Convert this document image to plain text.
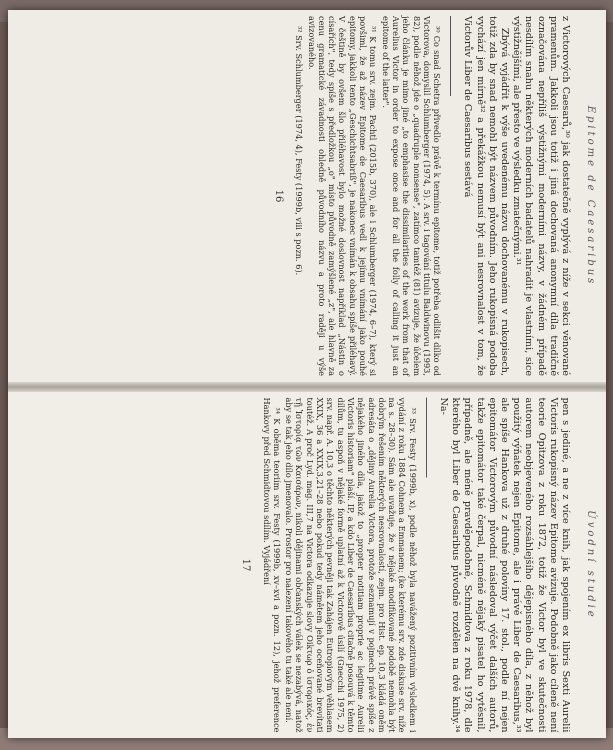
Epitome de Caesaribus

z Victorových Caesarů,³⁰ jak dostatečně vyplývá z níže v sekci věnované pramenům. Jakkoli jsou totiž i jiná dochovaná anonymní díla tradičně označována nepříliš výstižnými moderními názvy, v žádném případě nesdílím snahu některých moderních badatelů nahradit je vlastními, sice výstižnějšími, ale přesto ve výsledku zmatečnými.³¹

Zbývá vyjádřit k výše uvedenému názvu dochovanému v rukopisech, totiž zda by snad nemohl být názvem původním. Jeho rukopisná podoba vychází jen mírně³² a překážkou nemusí být ani nesrovnalost v tom, že Victorův Liber de Caesaribus sestává

³⁰ Co snad Schetra přivedlo právě k termínu epitome, totiž potřeba odlišit dílko od Victorova, domyslil Schlumberger (1974, 5). A srv. i tagování titulu Baldwinovu (1993, 82), podle něhož jde o „quadruple nonsense", zatímco tamtéž (81) avizuje, že účelem jeho článku je mimo jiné „to emphasise the dissimilarities of the work from that of Aurelius Victor in order to expose once and for all the folly of calling it just an epitome of the latter".

³¹ K tomu srv. zejm. Pachtl (2015b, 370), ale i Schlumberger (1974, 6–7), který si povšiml, že až název Epitome de Caesaribus vedl k jejímu vnímání jako pouhé epitomy, jakkoli tento „Geschichtsabriß", je nakonec vnímán k obsahu spíše přiléhavý. V češtině by ovšem šlo přiléhavost bylo možné doslovnost například „Nástin o císařích", tedy spíše s předložkou „o" místo původně zamýšlené „z", ale hlavně za cenu gramatické závadnosti ohledně původního názvu a proto raději u výše avizovaného.

³² Srv. Schlumberger (1974, 4), Festy (1999b, viii s pozn. 6).

16
Úvodní studie

pen s jediné, a ne z více knih, jak spojením ex libris Sexti Aurelii Victoris rukopisný název Epitome avizuje. Podobně jako cíleně není teorie Opitzova z roku 1872, totiž že Victor byl ve skutečnosti autorem neobjeveného rozsáhlejšího dějepisného díla, z něhož byl použitý výňatek nejen Epitome, ale i právě Liber de Caesaribus,³³ ale spíše Hankova už z druhé poloviny 17. stol., podle ní nejen epitomátor Victorovým původní následoval výčet dalších autorů, takže epitomátor také čerpal, nicméně nějaký pisatel ho vytěsnil, případně, ale méně pravděpodobně, Schmidtova z roku 1978, dle kterého byl Liber de Caesaribus původně rozdělen na dvě knihy.³⁴ Na-

³³ Srv. Festy (1999b, x), podle něhož byla navážený pozitivním výsledkem i vydání z roku 1884 Cohnem a Emmanem; (ke kterému srv. zde diskuse srv. níže na s. 28–30). Sám ale uvažuje, že v nějaké modifikované podobě nemohla být dobrým řešením některých nesrovnalostí, zejm. pro Hist. ep. 10,3 kládá oněm adresáta o „dějiny Aurelia Victora, protože seznamují v pojmech právě spíše z nějakého jiného díla, jakož to „propter notitiam proprie ac legitime Aurelii Victoris historiam" plaší. IP, a kdo Liber de Caesaribus citačně posouvá k těmto dílům, tu aspoň v nějaké formě uplatní až k Victorově úsilí (Gnecchi 1975, 2) srv. např. A. 10,3 o těchto některých pevněji tak Zahájen Eutropiovým věhlasem XXIX, 36 a XXIX,3,21–28 nebo pokud tedy námětem jeho oceňované brevítati toutéž. A proč Lyd. mag. III,7 na Victora odkazuje slovy Oikτωρ ὁ ἱστορικός, ἐν τῇ Ἱστορίᾳ τῶν Καισάρων, nikoli dějinami občanských válek se nezabývá, natož aby se tak jeho dílo jmenovalo. Prostor pro nalezení takového tu také ale není.

³⁴ K oběma teoriím srv. Festy (1999b, xv–xvi a pozn. 12), jehož preference Hankovy před Schmidtovou sdílím. Vyjádření

17
